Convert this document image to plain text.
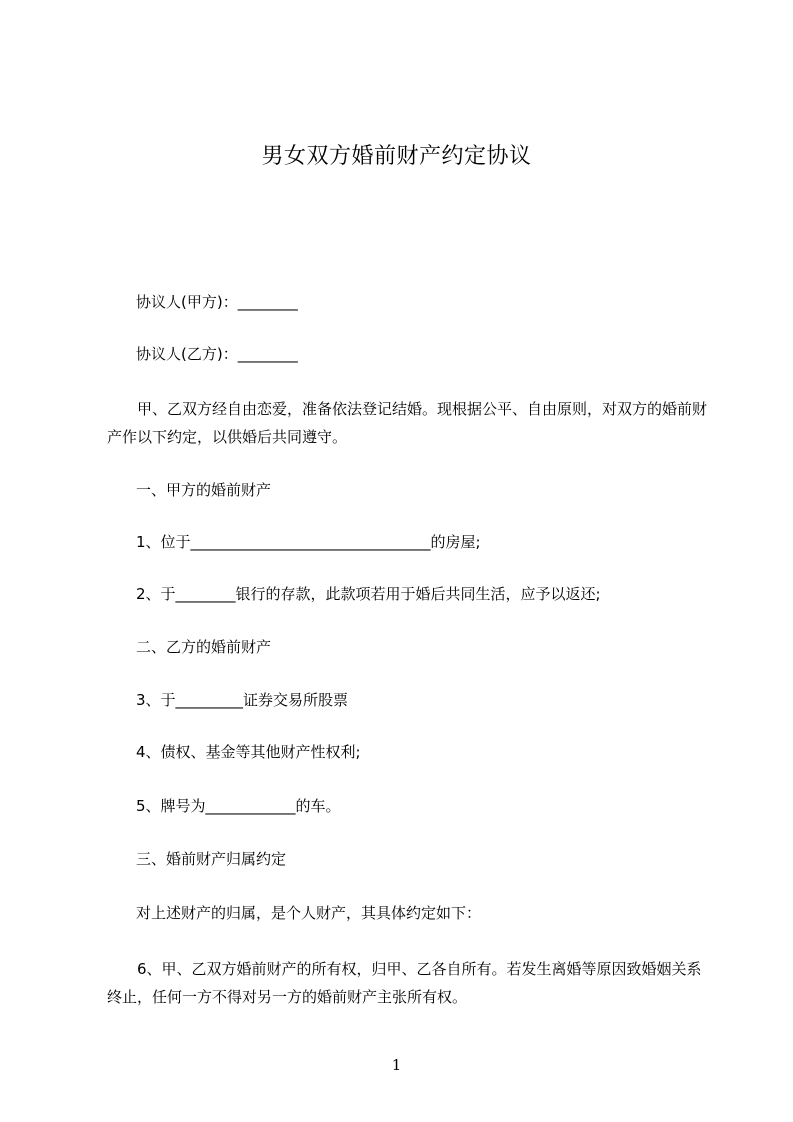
男女双方婚前财产约定协议
协议人(甲方)：________
协议人(乙方)：________
甲、乙双方经自由恋爱，准备依法登记结婚。现根据公平、自由原则，对双方的婚前财产作以下约定，以供婚后共同遵守。
一、甲方的婚前财产
1、位于________________________________的房屋;
2、于________银行的存款，此款项若用于婚后共同生活，应予以返还;
二、乙方的婚前财产
3、于_________证券交易所股票
4、债权、基金等其他财产性权利;
5、牌号为____________的车。
三、婚前财产归属约定
对上述财产的归属，是个人财产，其具体约定如下：
6、甲、乙双方婚前财产的所有权，归甲、乙各自所有。若发生离婚等原因致婚姻关系终止，任何一方不得对另一方的婚前财产主张所有权。
1
